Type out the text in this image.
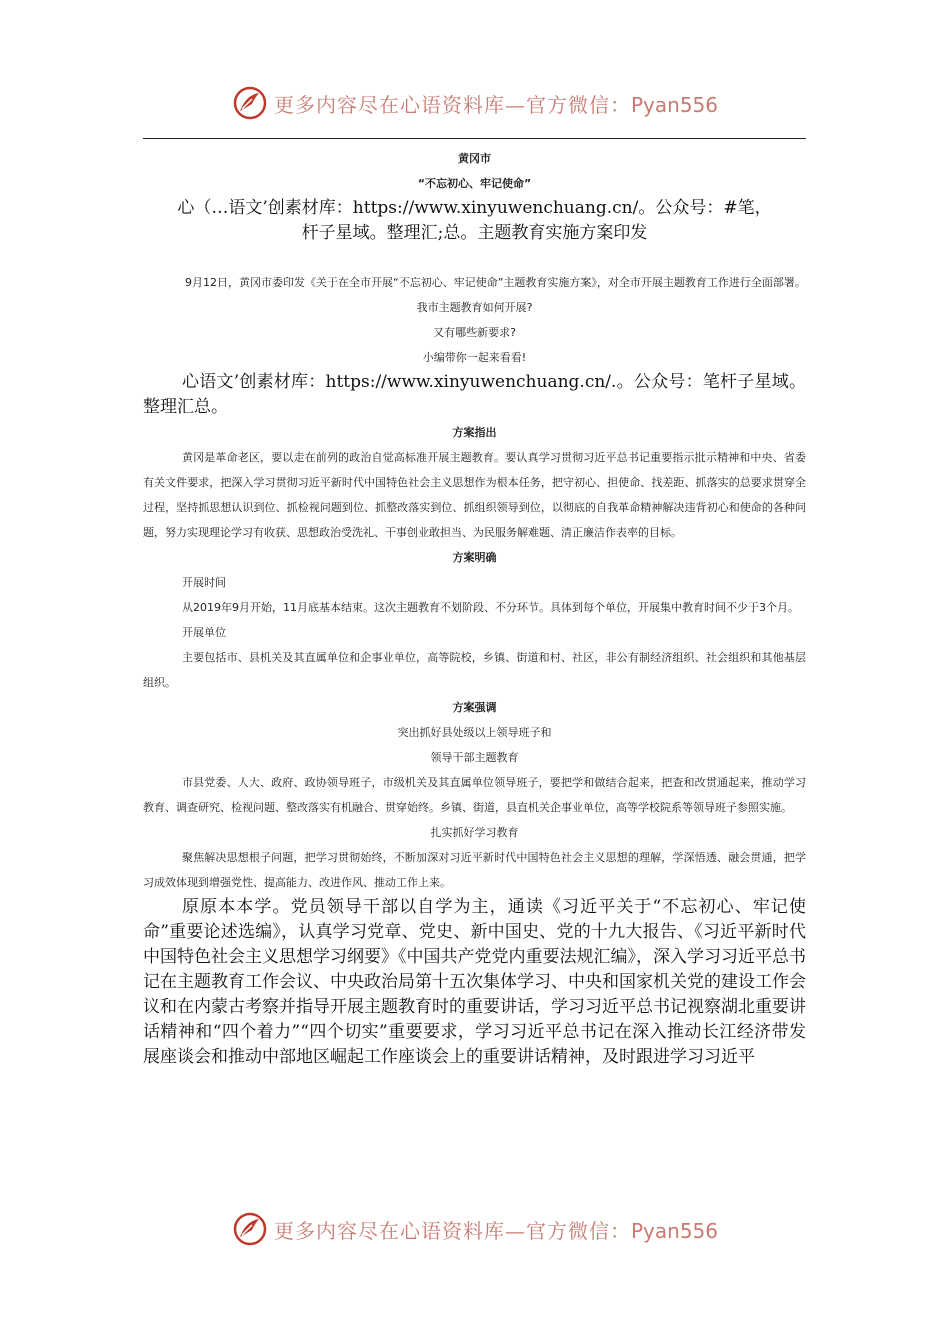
更多内容尽在心语资料库—官方微信：Pyan556

黄冈市

“不忘初心、牢记使命”

心（…语文’创素材库：https://www.xinyuwenchuang.cn/。公众号：#笔，

杆子星域。整理汇;总。主题教育实施方案印发

9月12日，黄冈市委印发《关于在全市开展“不忘初心、牢记使命”主题教育实施方案》，对全市开展主题教育工作进行全面部署。

我市主题教育如何开展?

又有哪些新要求?

小编带你一起来看看!

心语文’创素材库：https://www.xinyuwenchuang.cn/.。公众号：笔杆子星域。整理汇总。

方案指出

黄冈是革命老区，要以走在前列的政治自觉高标准开展主题教育。要认真学习贯彻习近平总书记重要指示批示精神和中央、省委有关文件要求，把深入学习贯彻习近平新时代中国特色社会主义思想作为根本任务，把守初心、担使命、找差距、抓落实的总要求贯穿全过程，坚持抓思想认识到位、抓检视问题到位、抓整改落实到位、抓组织领导到位，以彻底的自我革命精神解决违背初心和使命的各种问题，努力实现理论学习有收获、思想政治受洗礼、干事创业敢担当、为民服务解难题、清正廉洁作表率的目标。

方案明确

开展时间

从2019年9月开始，11月底基本结束。这次主题教育不划阶段、不分环节。具体到每个单位，开展集中教育时间不少于3个月。

开展单位

主要包括市、县机关及其直属单位和企事业单位，高等院校，乡镇、街道和村、社区，非公有制经济组织、社会组织和其他基层组织。

方案强调

突出抓好县处级以上领导班子和

领导干部主题教育

市县党委、人大、政府、政协领导班子，市级机关及其直属单位领导班子，要把学和做结合起来，把查和改贯通起来，推动学习教育、调查研究、检视问题、整改落实有机融合、贯穿始终。乡镇、街道，县直机关企事业单位，高等学校院系等领导班子参照实施。

扎实抓好学习教育

聚焦解决思想根子问题，把学习贯彻始终，不断加深对习近平新时代中国特色社会主义思想的理解，学深悟透、融会贯通，把学习成效体现到增强党性、提高能力、改进作风、推动工作上来。

原原本本学。党员领导干部以自学为主，通读《习近平关于“不忘初心、牢记使命”重要论述选编》，认真学习党章、党史、新中国史、党的十九大报告、《习近平新时代中国特色社会主义思想学习纲要》《中国共产党党内重要法规汇编》，深入学习习近平总书记在主题教育工作会议、中央政治局第十五次集体学习、中央和国家机关党的建设工作会议和在内蒙古考察并指导开展主题教育时的重要讲话，学习习近平总书记视察湖北重要讲话精神和“四个着力”“四个切实”重要要求，学习习近平总书记在深入推动长江经济带发展座谈会和推动中部地区崛起工作座谈会上的重要讲话精神，及时跟进学习习近平

更多内容尽在心语资料库—官方微信：Pyan556
